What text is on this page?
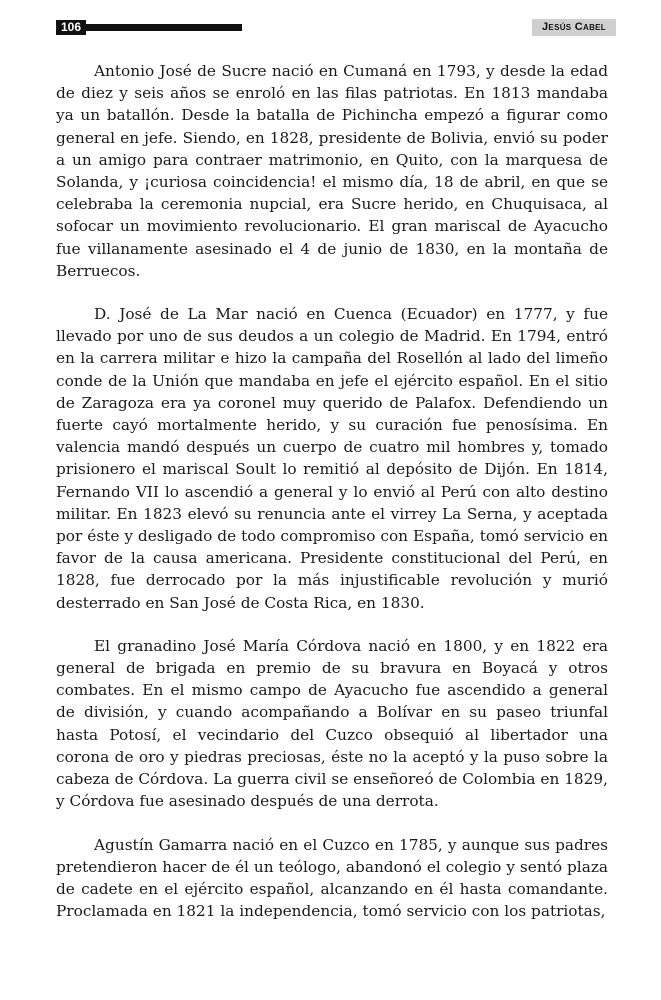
106	Jesús Cabel

Antonio José de Sucre nació en Cumaná en 1793, y desde la edad de diez y seis años se enroló en las filas patriotas. En 1813 mandaba ya un batallón. Desde la batalla de Pichincha empezó a figurar como general en jefe. Siendo, en 1828, presidente de Bolivia, envió su poder a un amigo para contraer matrimonio, en Quito, con la marquesa de Solanda, y ¡curiosa coincidencia! el mismo día, 18 de abril, en que se celebraba la ceremonia nupcial, era Sucre herido, en Chuquisaca, al sofocar un movimiento revolucionario. El gran mariscal de Ayacucho fue villanamente asesinado el 4 de junio de 1830, en la montaña de Berruecos.

D. José de La Mar nació en Cuenca (Ecuador) en 1777, y fue llevado por uno de sus deudos a un colegio de Madrid. En 1794, entró en la carrera militar e hizo la campaña del Rosellón al lado del limeño conde de la Unión que mandaba en jefe el ejército español. En el sitio de Zaragoza era ya coronel muy querido de Palafox. Defendiendo un fuerte cayó mortalmente herido, y su curación fue penosísima. En valencia mandó después un cuerpo de cuatro mil hombres y, tomado prisionero el mariscal Soult lo remitió al depósito de Dijón. En 1814, Fernando VII lo ascendió a general y lo envió al Perú con alto destino militar. En 1823 elevó su renuncia ante el virrey La Serna, y aceptada por éste y desligado de todo compromiso con España, tomó servicio en favor de la causa americana. Presidente constitucional del Perú, en 1828, fue derrocado por la más injustificable revolución y murió desterrado en San José de Costa Rica, en 1830.

El granadino José María Córdova nació en 1800, y en 1822 era general de brigada en premio de su bravura en Boyacá y otros combates. En el mismo campo de Ayacucho fue ascendido a general de división, y cuando acompañando a Bolívar en su paseo triunfal hasta Potosí, el vecindario del Cuzco obsequió al libertador una corona de oro y piedras preciosas, éste no la aceptó y la puso sobre la cabeza de Córdova. La guerra civil se enseñoreó de Colombia en 1829, y Córdova fue asesinado después de una derrota.

Agustín Gamarra nació en el Cuzco en 1785, y aunque sus padres pretendieron hacer de él un teólogo, abandonó el colegio y sentó plaza de cadete en el ejército español, alcanzando en él hasta comandante. Proclamada en 1821 la independencia, tomó servicio con los patriotas,
